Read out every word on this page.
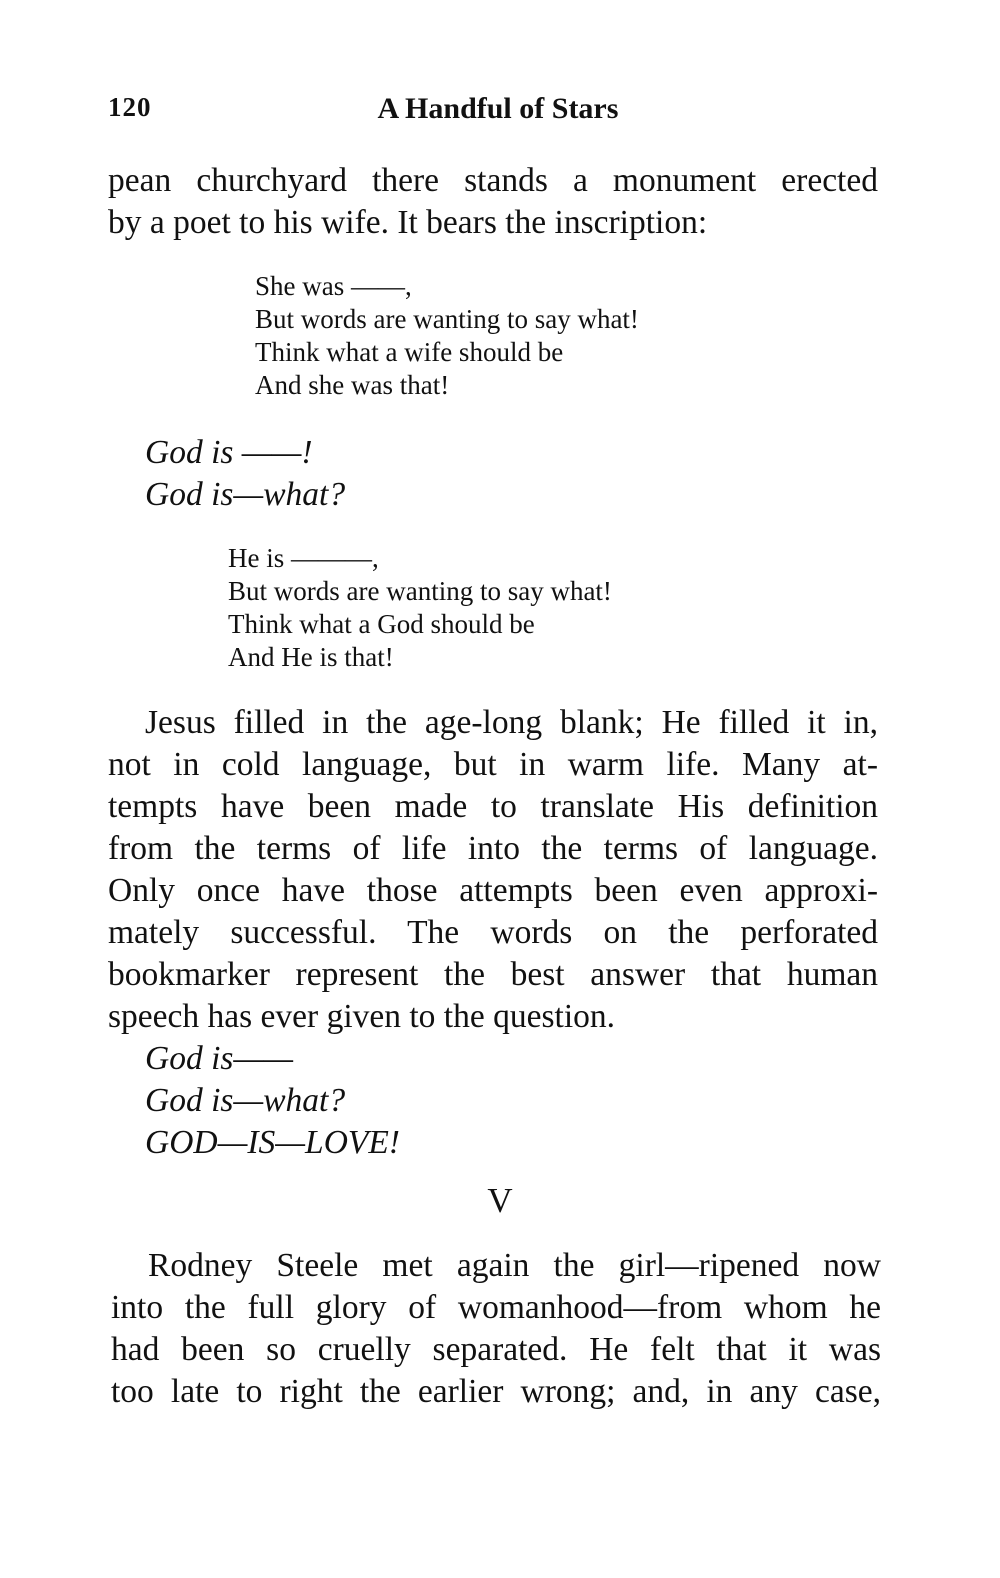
120	A Handful of Stars
pean churchyard there stands a monument erected
by a poet to his wife. It bears the inscription:
She was ——,
But words are wanting to say what!
Think what a wife should be
And she was that!
God is ——!
God is—what?
He is ———,
But words are wanting to say what!
Think what a God should be
And He is that!
Jesus filled in the age-long blank; He filled it in,
not in cold language, but in warm life. Many at-
tempts have been made to translate His definition
from the terms of life into the terms of language.
Only once have those attempts been even approxi-
mately successful. The words on the perforated
bookmarker represent the best answer that human
speech has ever given to the question.
God is——
God is—what?
GOD—IS—LOVE!
V
Rodney Steele met again the girl—ripened now
into the full glory of womanhood—from whom he
had been so cruelly separated. He felt that it was
too late to right the earlier wrong; and, in any case,
